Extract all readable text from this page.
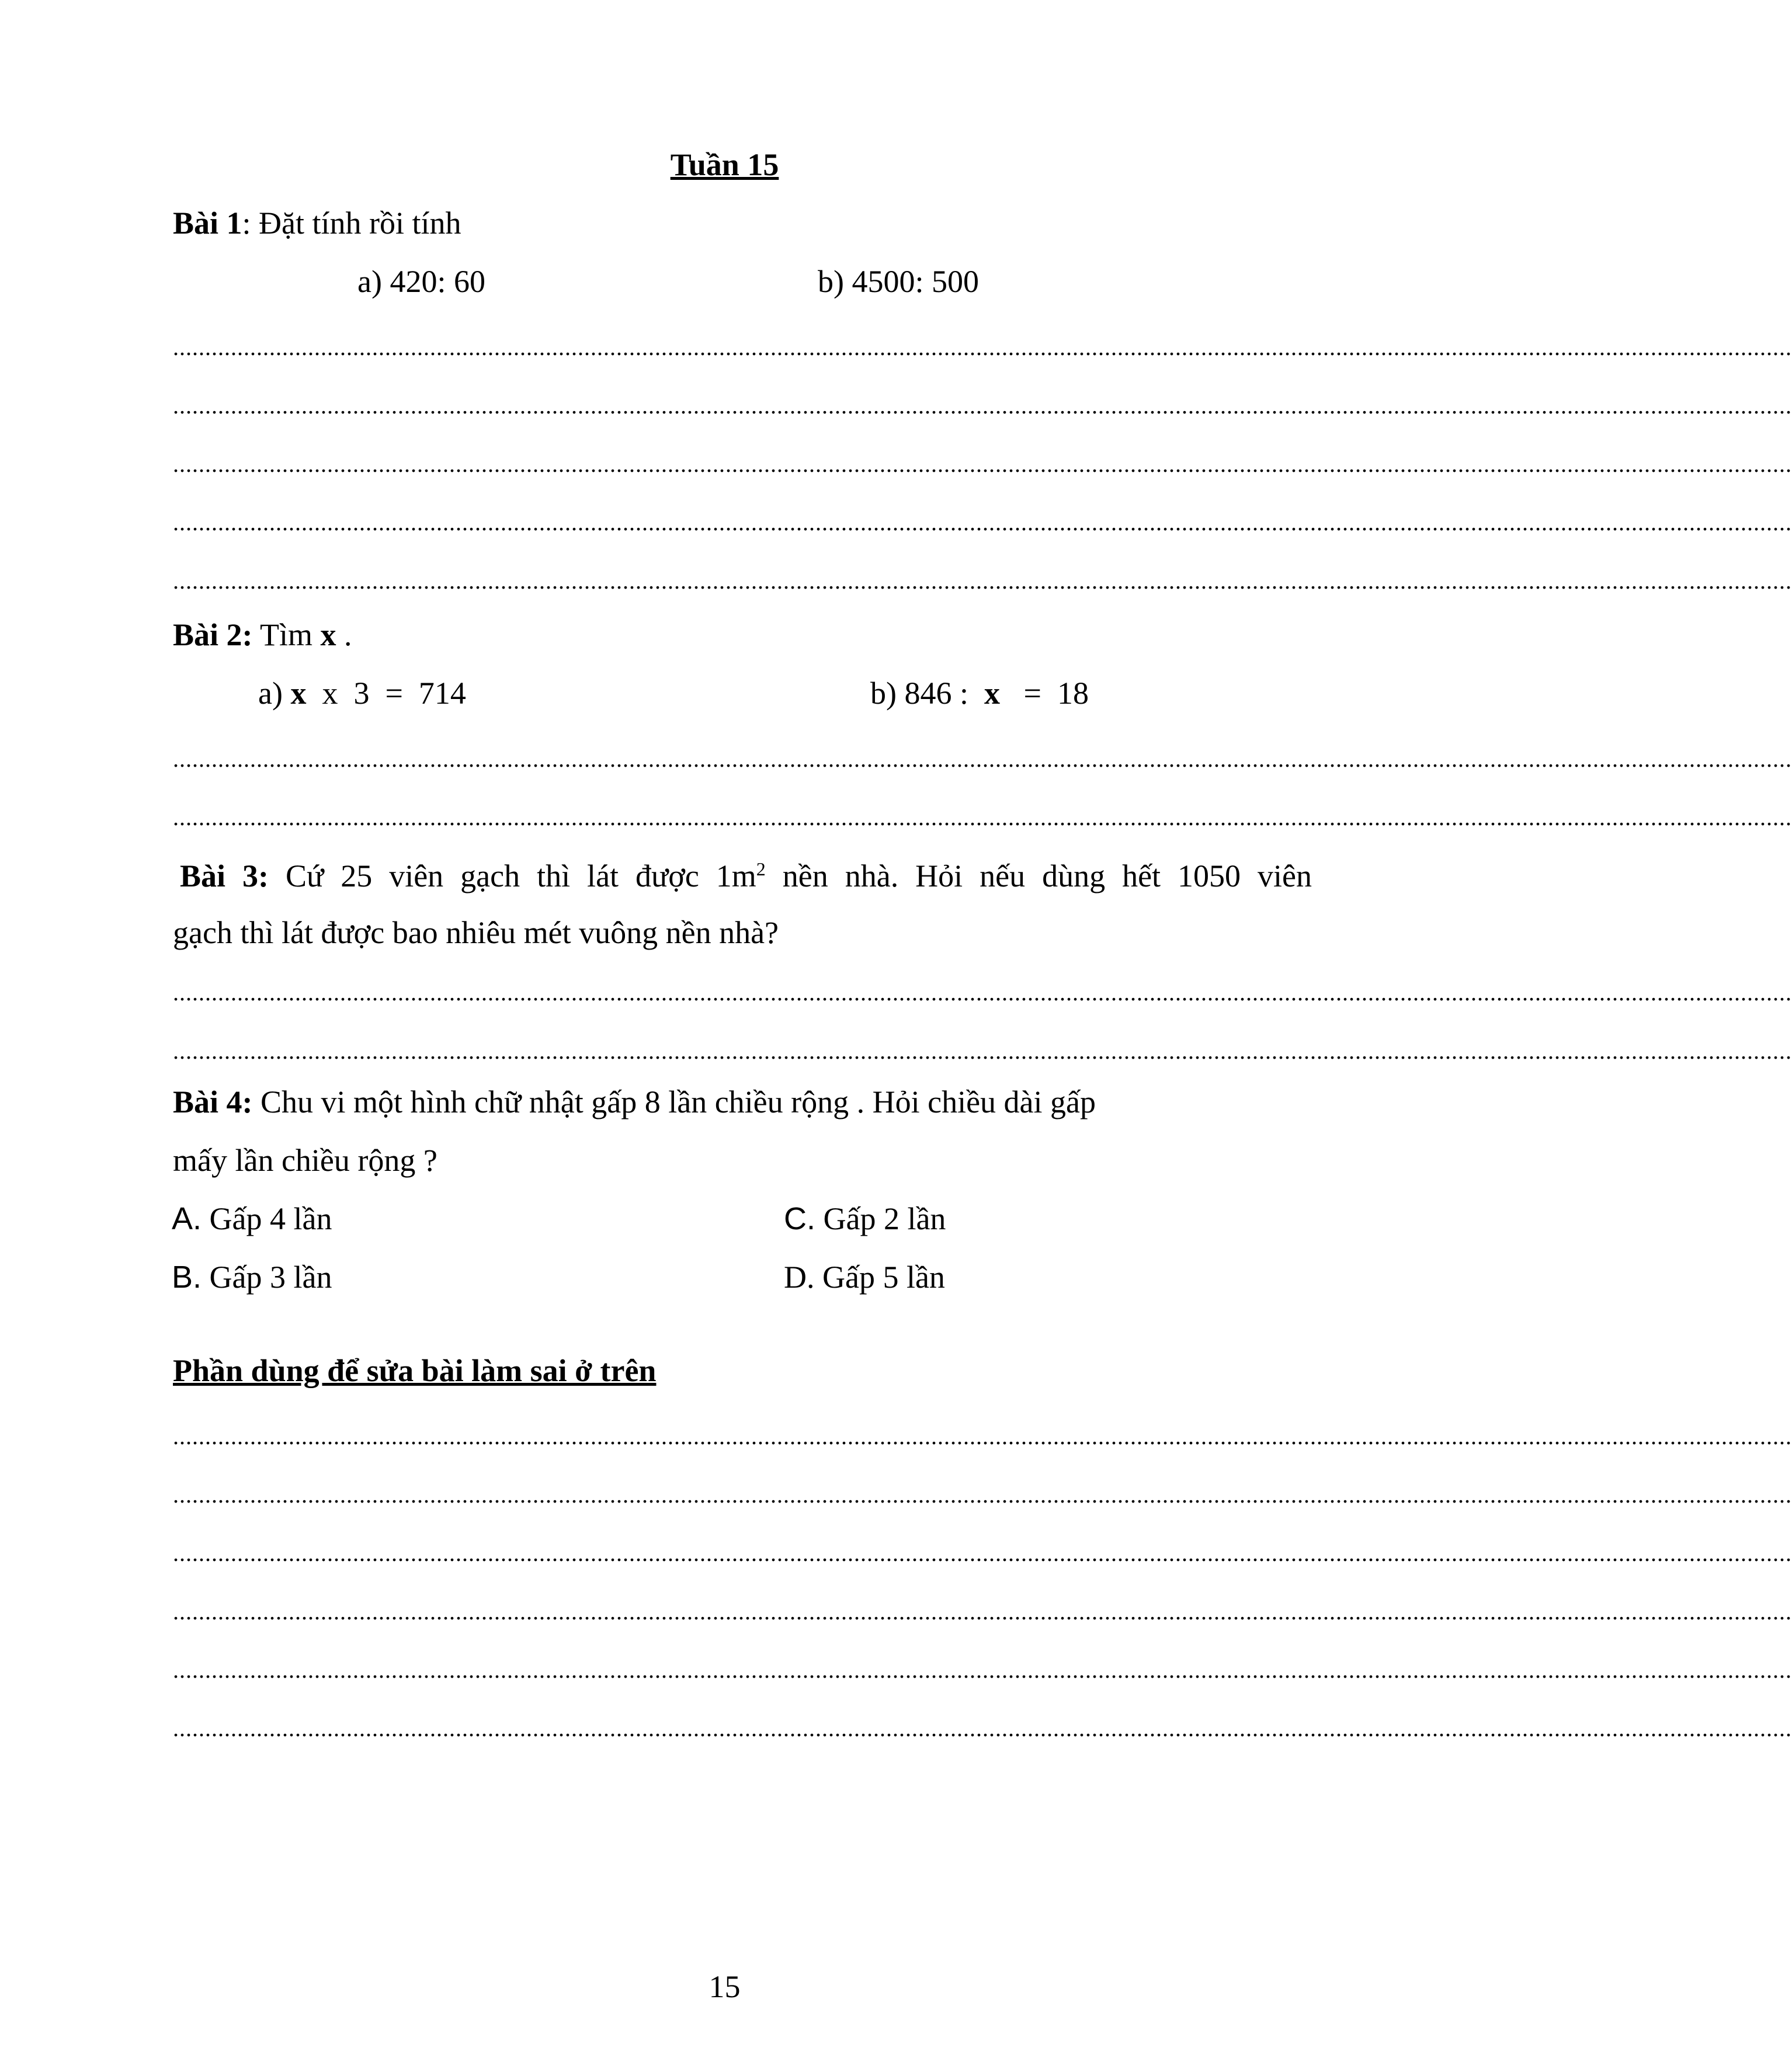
Tuần 15
Bài 1: Đặt tính rồi tính
a) 420: 60	b) 4500: 500
............................................................................................................................................................................................................................................................
............................................................................................................................................................................................................................................................
............................................................................................................................................................................................................................................................
............................................................................................................................................................................................................................................................
............................................................................................................................................................................................................................................................
Bài 2: Tìm x .
a) x  x  3  =  714	b) 846 :  x   =  18
............................................................................................................................................................................................................................................................
............................................................................................................................................................................................................................................................
Bài 3: Cứ 25 viên gạch thì lát được $1m^2$ nền nhà. Hỏi nếu dùng hết 1050 viên
gạch thì lát được bao nhiêu mét vuông nền nhà?
............................................................................................................................................................................................................................................................
............................................................................................................................................................................................................................................................
Bài 4: Chu vi một hình chữ nhật gấp 8 lần chiều rộng . Hỏi chiều dài gấp
mấy lần chiều rộng ?
A. Gấp 4 lần	C. Gấp 2 lần
B. Gấp 3 lần	D. Gấp 5 lần
Phần dùng để sửa bài làm sai ở trên
............................................................................................................................................................................................................................................................
............................................................................................................................................................................................................................................................
............................................................................................................................................................................................................................................................
............................................................................................................................................................................................................................................................
............................................................................................................................................................................................................................................................
............................................................................................................................................................................................................................................................
15
